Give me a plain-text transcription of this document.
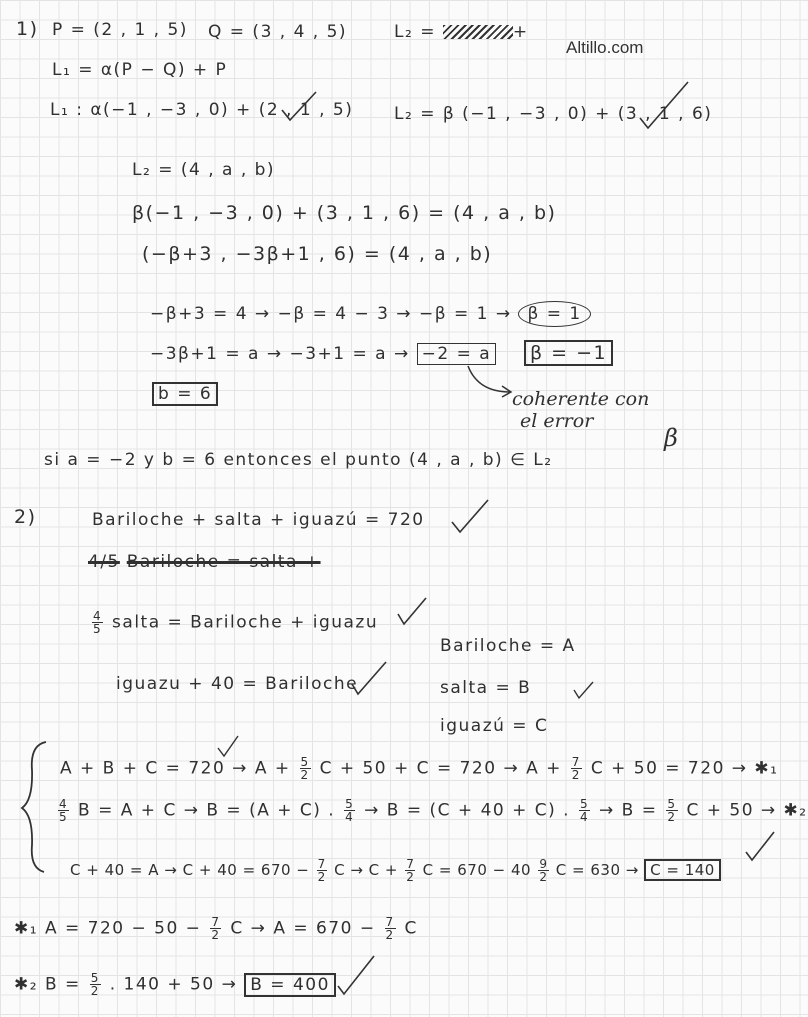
Altillo.com
1) P = (2 , 1 , 5) Q = (3 , 4 , 5)	L₂ =	+
L₁ = α(P − Q) + P
L₁ : α(−1 , −3 , 0) + (2 , 1 , 5) L₂ = β (−1 , −3 , 0) + (3 , 1 , 6)
L₂ = (4 , a , b)
β(−1 , −3 , 0) + (3 , 1 , 6) = (4 , a , b)
(−β+3 , −3β+1 , 6) = (4 , a , b)
−β+3 = 4 → −β = 4 − 3 → −β = 1 → β = 1
β = −1
−3β+1 = a → −3+1 = a → −2 = a
b = 6	coherente con
el error
β
si a = −2 y b = 6 entonces el punto (4 , a , b) ∈ L₂
2)	Bariloche + salta + iguazú = 720
4/5 Bariloche = salta +
$\frac{4}{5}$ salta = Bariloche + iguazu
iguazu + 40 = Bariloche
Bariloche = A
salta = B
iguazú = C
$A + B + C = 720 \to A + \frac{5}{2}$ $C + 50 + C = 720 \to A + \frac{7}{2}$ C + 50 = 720 → ✱₁
$\frac{4}{5}$ B = A + C → B = (A + C) . $\frac{5}{4} \to B = (C + 40 + C)$ . $\frac{5}{4} \to B = \frac{5}{2}$ C + 50 → ✱₂
$C + 40 = A \to C + 40 = 670 - \frac{7}{2}$ $C \to C + \frac{7}{2}$ $C = 670 - 40 \frac{9}{2}$ C = 630 → C = 140
✱₁ $A = 720 - 50 - \frac{7}{2}$ $C \to A = 670 - \frac{7}{2}$ C
✱₂ $B = \frac{5}{2}$ . 140 + 50 → B = 400
